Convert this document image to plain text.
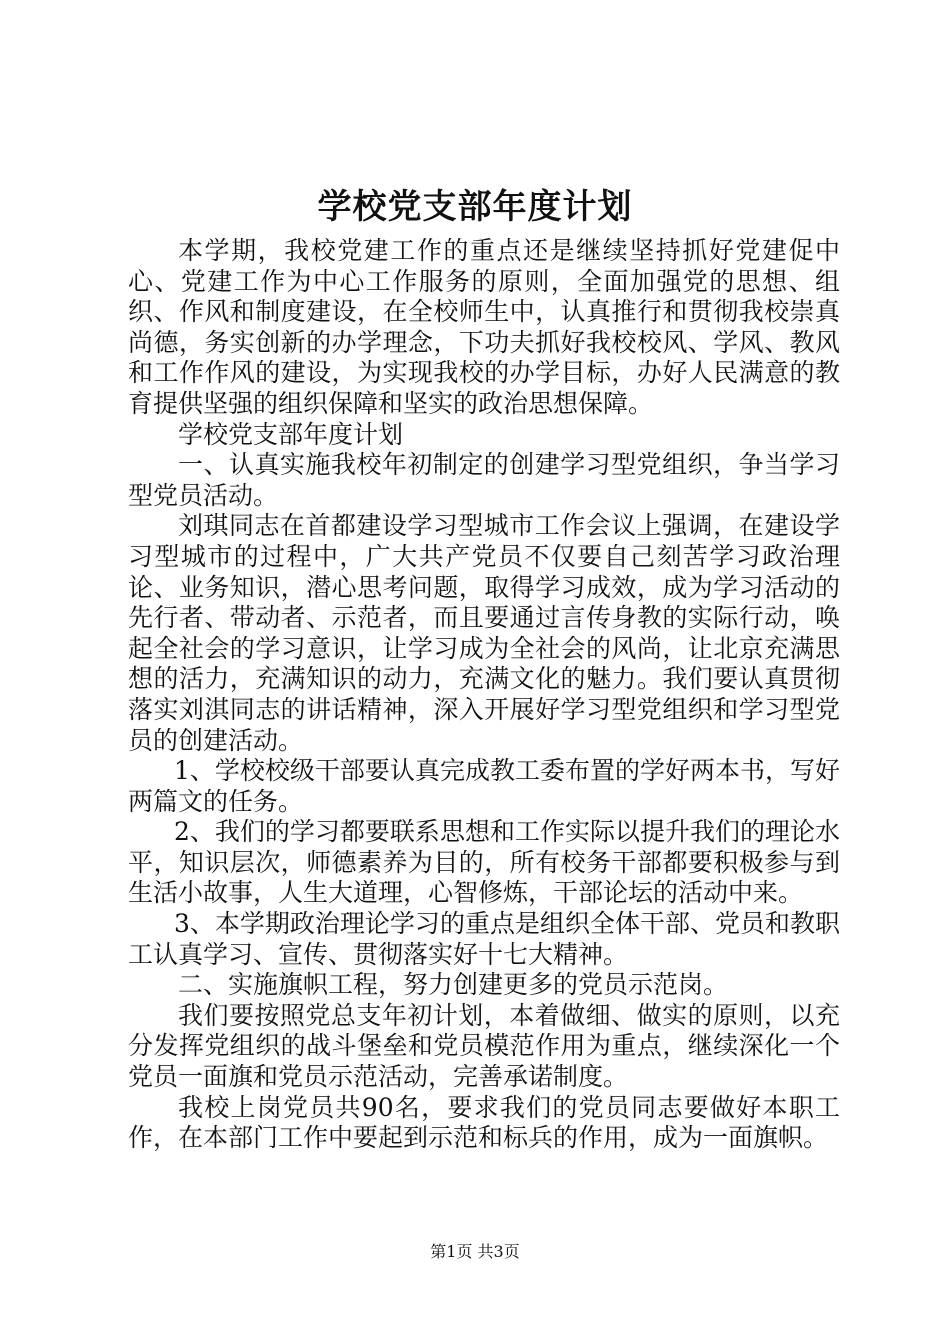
学校党支部年度计划

本学期，我校党建工作的重点还是继续坚持抓好党建促中心、党建工作为中心工作服务的原则，全面加强党的思想、组织、作风和制度建设，在全校师生中，认真推行和贯彻我校崇真尚德，务实创新的办学理念，下功夫抓好我校校风、学风、教风和工作作风的建设，为实现我校的办学目标，办好人民满意的教育提供坚强的组织保障和坚实的政治思想保障。

学校党支部年度计划

一、认真实施我校年初制定的创建学习型党组织，争当学习型党员活动。

刘琪同志在首都建设学习型城市工作会议上强调，在建设学习型城市的过程中，广大共产党员不仅要自己刻苦学习政治理论、业务知识，潜心思考问题，取得学习成效，成为学习活动的先行者、带动者、示范者，而且要通过言传身教的实际行动，唤起全社会的学习意识，让学习成为全社会的风尚，让北京充满思想的活力，充满知识的动力，充满文化的魅力。我们要认真贯彻落实刘淇同志的讲话精神，深入开展好学习型党组织和学习型党员的创建活动。

1、学校校级干部要认真完成教工委布置的学好两本书，写好两篇文的任务。

2、我们的学习都要联系思想和工作实际以提升我们的理论水平，知识层次，师德素养为目的，所有校务干部都要积极参与到生活小故事，人生大道理，心智修炼，干部论坛的活动中来。

3、本学期政治理论学习的重点是组织全体干部、党员和教职工认真学习、宣传、贯彻落实好十七大精神。

二、实施旗帜工程，努力创建更多的党员示范岗。

我们要按照党总支年初计划，本着做细、做实的原则，以充分发挥党组织的战斗堡垒和党员模范作用为重点，继续深化一个党员一面旗和党员示范活动，完善承诺制度。

我校上岗党员共90名，要求我们的党员同志要做好本职工作，在本部门工作中要起到示范和标兵的作用，成为一面旗帜。

第1页 共3页
